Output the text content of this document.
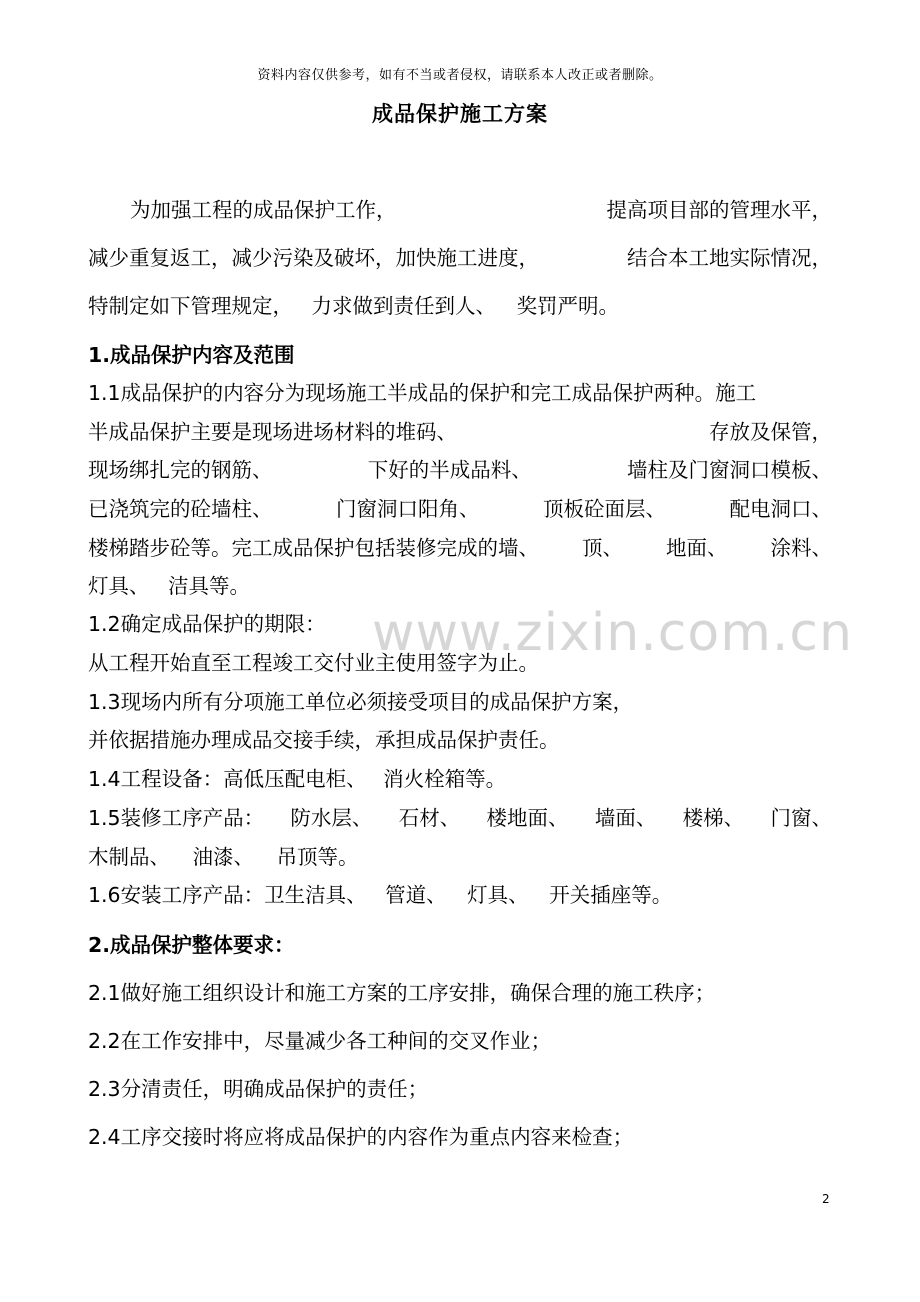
资料内容仅供参考，如有不当或者侵权，请联系本人改正或者删除。
成品保护施工方案
www.zixin.com.cn
为加强工程的成品保护工作，	提高项目部的管理水平，
减少重复返工，减少污染及破坏，加快施工进度，	结合本工地实际情况，
特制定如下管理规定， 力求做到责任到人、 奖罚严明。
1.成品保护内容及范围
1.1成品保护的内容分为现场施工半成品的保护和完工成品保护两种。施工
半成品保护主要是现场进场材料的堆码、	存放及保管，
现场绑扎完的钢筋、	下好的半成品料、	墙柱及门窗洞口模板、
已浇筑完的砼墙柱、	门窗洞口阳角、	顶板砼面层、	配电洞口、
楼梯踏步砼等。完工成品保护包括装修完成的墙、 顶、 地面、 涂料、
灯具、 洁具等。
1.2确定成品保护的期限：
从工程开始直至工程竣工交付业主使用签字为止。
1.3现场内所有分项施工单位必须接受项目的成品保护方案，
并依据措施办理成品交接手续，承担成品保护责任。
1.4工程设备：高低压配电柜、 消火栓箱等。
1.5装修工序产品： 防水层、 石材、 楼地面、 墙面、 楼梯、 门窗、
木制品、 油漆、 吊顶等。
1.6安装工序产品：卫生洁具、 管道、 灯具、 开关插座等。
2.成品保护整体要求：
2.1做好施工组织设计和施工方案的工序安排，确保合理的施工秩序；
2.2在工作安排中，尽量减少各工种间的交叉作业；
2.3分清责任，明确成品保护的责任；
2.4工序交接时将应将成品保护的内容作为重点内容来检查；
2
